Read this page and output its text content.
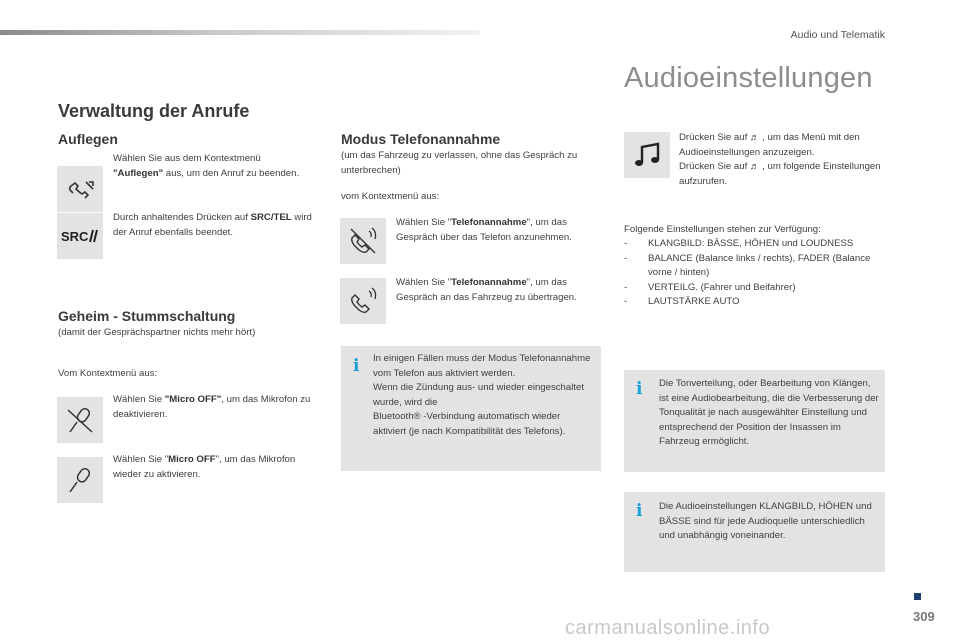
Audio und Telematik
Audioeinstellungen
Verwaltung der Anrufe
Auflegen
Wählen Sie aus dem Kontextmenü
"Auflegen" aus, um den Anruf zu beenden.
SRC
Durch anhaltendes Drücken auf SRC/TEL wird der Anruf ebenfalls beendet.
Geheim - Stummschaltung
(damit der Gesprächspartner nichts mehr hört)
Vom Kontextmenü aus:
Wählen Sie "Micro OFF", um das Mikrofon zu deaktivieren.
Wählen Sie "Micro OFF", um das Mikrofon wieder zu aktivieren.
Modus Telefonannahme
(um das Fahrzeug zu verlassen, ohne das Gespräch zu unterbrechen)
vom Kontextmenü aus:
Wählen Sie "Telefonannahme", um das Gespräch über das Telefon anzunehmen.
Wählen Sie "Telefonannahme", um das Gespräch an das Fahrzeug zu übertragen.
i In einigen Fällen muss der Modus Telefonannahme vom Telefon aus aktiviert werden.
Wenn die Zündung aus- und wieder eingeschaltet wurde, wird die
Bluetooth® -Verbindung automatisch wieder aktiviert (je nach Kompatibilität des Telefons).
Drücken Sie auf ♬ , um das Menü mit den Audioeinstellungen anzuzeigen.
Drücken Sie auf ♬ , um folgende Einstellungen aufzurufen.
Folgende Einstellungen stehen zur Verfügung:
- KLANGBILD: BÄSSE, HÖHEN und LOUDNESS
- BALANCE (Balance links / rechts), FADER (Balance vorne / hinten)
- VERTEILG. (Fahrer und Beifahrer)
- LAUTSTÄRKE AUTO
i Die Tonverteilung, oder Bearbeitung von Klängen, ist eine Audiobearbeitung, die die Verbesserung der Tonqualität je nach ausgewählter Einstellung und entsprechend der Position der Insassen im Fahrzeug ermöglicht.
i Die Audioeinstellungen KLANGBILD, HÖHEN und BÄSSE sind für jede Audioquelle unterschiedlich und unabhängig voneinander.
309
carmanualsonline.info
